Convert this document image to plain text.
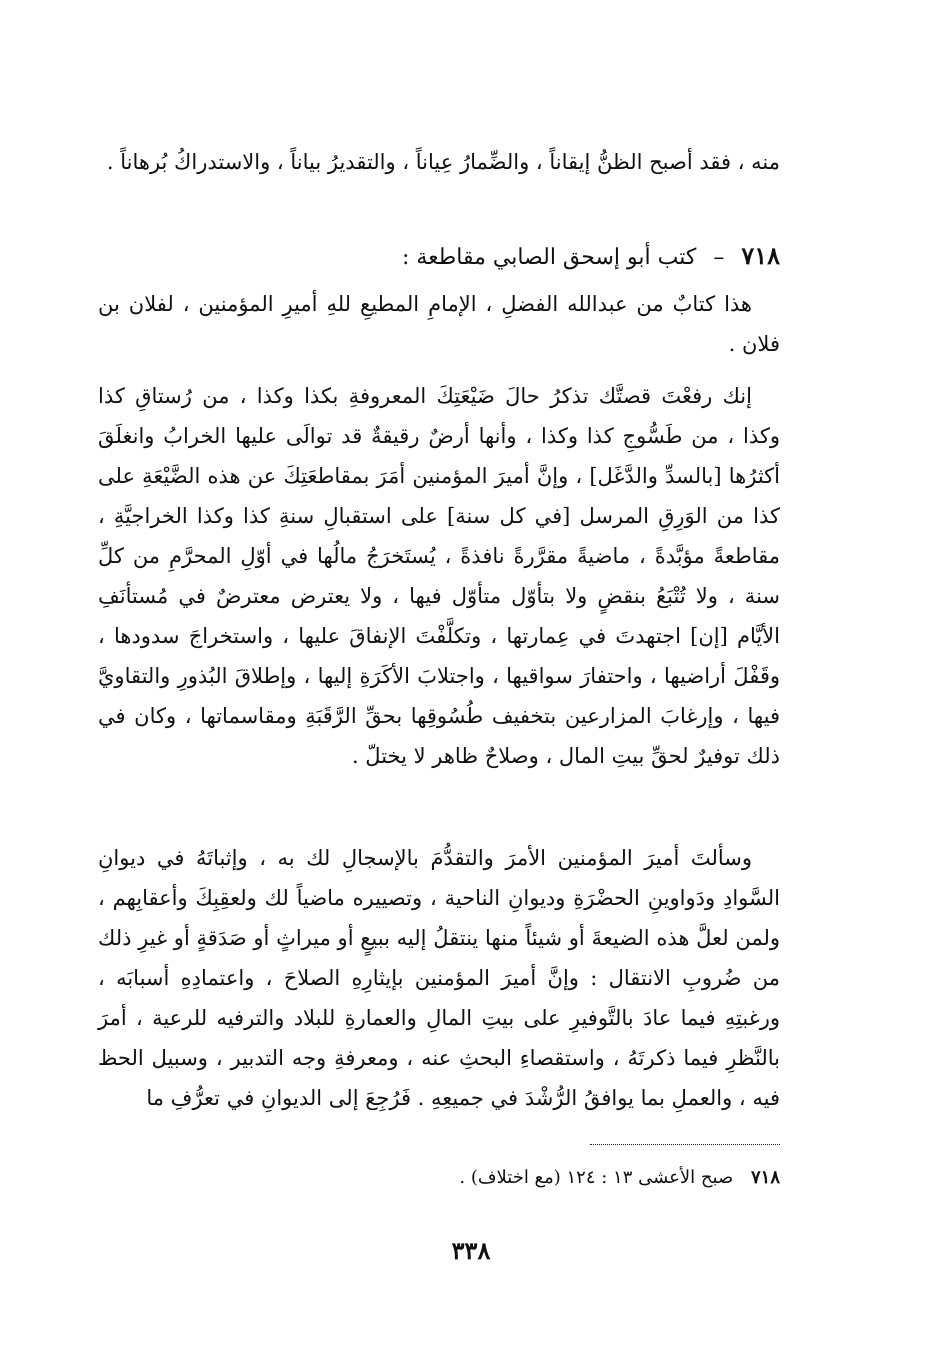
منه ، فقد أصبح الظنُّ إيقاناً ، والضِّمارُ عِياناً ، والتقديرُ بياناً ، والاستدراكُ بُرهاناً .

٧١٨ – كتب أبو إسحق الصابي مقاطعة :

هذا كتابٌ من عبدالله الفضلِ ، الإمامِ المطيعِ للهِ أميرِ المؤمنين ، لفلان بن فلان .

إنك رفعْتَ قصتَّك تذكرُ حالَ ضَيْعَتِكَ المعروفةِ بكذا وكذا ، من رُستاقِ كذا وكذا ، من طَسُّوجِ كذا وكذا ، وأنها أرضٌ رقيقةٌ قد توالَى عليها الخرابُ وانغلَقَ أكثرُها [بالسدِّ والدَّغَل] ، وإنَّ أميرَ المؤمنين أمَرَ بمقاطعَتِكَ عن هذه الضَّيْعَةِ على كذا من الوَرِقِ المرسل [في كل سنة] على استقبالِ سنةِ كذا وكذا الخراجيَّةِ ، مقاطعةً مؤبَّدةً ، ماضيةً مقرَّرةً نافذةً ، يُستَخرَجُ مالُها في أوّلِ المحرَّمِ من كلِّ سنة ، ولا تُتْبَعُ بنقضٍ ولا بتأوّل متأوّل فيها ، ولا يعترض معترضٌ في مُستأنَفِ الأيَّام [إن] اجتهدتَ في عِمارتها ، وتكلَّفْتَ الإنفاقَ عليها ، واستخراجَ سدودها ، وقَفْلَ أراضيها ، واحتفارَ سواقيها ، واجتلابَ الأكَرَةِ إليها ، وإطلاقَ البُذورِ والتقاويَّ فيها ، وإرغابَ المزارعين بتخفيف طُسُوقِها بحقِّ الرَّقَبَةِ ومقاسماتها ، وكان في ذلك توفيرٌ لحقِّ بيتِ المال ، وصلاحٌ ظاهر لا يختلّ .

وسألتَ أميرَ المؤمنين الأمرَ والتقدُّمَ بالإسجالِ لك به ، وإثباتَهُ في ديوانِ السَّوادِ ودَواوينِ الحضْرَةِ وديوانِ الناحية ، وتصييره ماضياً لك ولعقِبِكَ وأعقابِهم ، ولمن لعلَّ هذه الضيعةَ أو شيئاً منها ينتقلُ إليه ببيعٍ أو ميراثٍ أو صَدَقةٍ أو غيرِ ذلك من ضُروبِ الانتقال : وإنَّ أميرَ المؤمنين بإيثارِهِ الصلاحَ ، واعتمادِهِ أسبابَه ، ورغبتِهِ فيما عادَ بالتَّوفيرِ على بيتِ المالِ والعمارةِ للبلاد والترفيه للرعية ، أمرَ بالنَّظرِ فيما ذكرتَهُ ، واستقصاءِ البحثِ عنه ، ومعرفةِ وجه التدبير ، وسبيل الحظ فيه ، والعملِ بما يوافقُ الرُّشْدَ في جميعِهِ . فَرُجِعَ إلى الديوانِ في تعرُّفِ ما

٧١٨ صبح الأعشى ١٣ : ١٢٤ (مع اختلاف) .
٣٣٨
